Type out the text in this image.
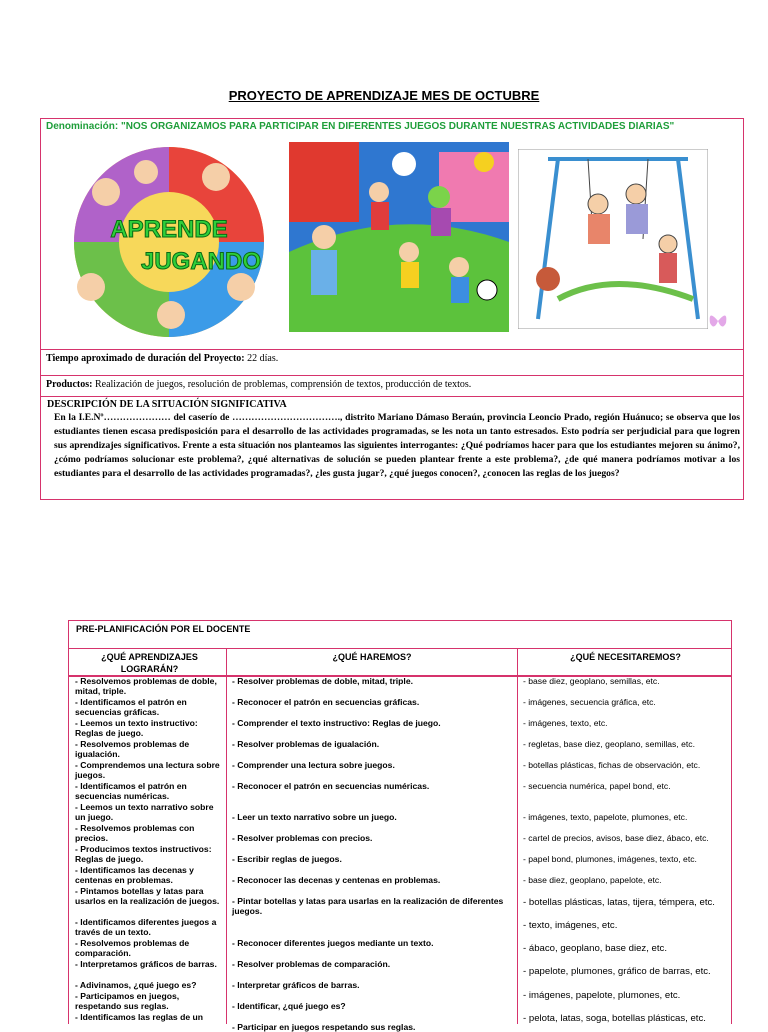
PROYECTO DE APRENDIZAJE MES DE OCTUBRE
Denominación: "NOS ORGANIZAMOS PARA PARTICIPAR EN DIFERENTES JUEGOS DURANTE NUESTRAS ACTIVIDADES DIARIAS"
APRENDE
JUGANDO
Tiempo aproximado de duración del Proyecto: 22 días.
Productos: Realización de juegos, resolución de problemas, comprensión de textos, producción de textos.
DESCRIPCIÓN DE LA SITUACIÓN SIGNIFICATIVA
En la I.E.Nº………………… del caserío de ……………………………., distrito Mariano Dámaso Beraún, provincia Leoncio Prado, región Huánuco; se observa que los estudiantes tienen escasa predisposición para el desarrollo de las actividades programadas, se les nota un tanto estresados. Esto podría ser perjudicial para que logren sus aprendizajes significativos. Frente a esta situación nos planteamos las siguientes interrogantes: ¿Qué podríamos hacer para que los estudiantes mejoren su ánimo?, ¿cómo podríamos solucionar este problema?, ¿qué alternativas de solución se pueden plantear frente a este problema?, ¿de qué manera podríamos motivar a los estudiantes para el desarrollo de las actividades programadas?, ¿les gusta jugar?, ¿qué juegos conocen?, ¿conocen las reglas de los juegos?
PRE-PLANIFICACIÓN POR EL DOCENTE
¿QUÉ APRENDIZAJES LOGRARÁN?
¿QUÉ HAREMOS?	¿QUÉ NECESITAREMOS?
- Resolvemos problemas de doble, mitad, triple.
- Identificamos el patrón en secuencias gráficas.
- Leemos un texto instructivo: Reglas de juego.
- Resolvemos problemas de igualación.
- Comprendemos una lectura sobre juegos.
- Identificamos el patrón en secuencias numéricas.
- Leemos un texto narrativo sobre un juego.
- Resolvemos problemas con precios.
- Producimos textos instructivos: Reglas de juego.
- Identificamos las decenas y centenas en problemas.
- Pintamos botellas y latas para usarlos en la realización de juegos.
- Identificamos diferentes juegos a través de un texto.
- Resolvemos problemas de comparación.
- Interpretamos gráficos de barras.
- Adivinamos, ¿qué juego es?
- Participamos en juegos, respetando sus reglas.
- Identificamos las reglas de un
- Resolver problemas de doble, mitad, triple.
- Reconocer el patrón en secuencias gráficas.
- Comprender el texto instructivo: Reglas de juego.
- Resolver problemas de igualación.
- Comprender una lectura sobre juegos.
- Reconocer el patrón en secuencias numéricas.
- Leer un texto narrativo sobre un juego.
- Resolver problemas con precios.
- Escribir reglas de juegos.
- Reconocer las decenas y centenas en problemas.
- Pintar botellas y latas para usarlas en la realización de diferentes juegos.
- Reconocer diferentes juegos mediante un texto.
- Resolver problemas de comparación.
- Interpretar gráficos de barras.
- Identificar, ¿qué juego es?
- Participar en juegos respetando sus reglas.
- base diez, geoplano, semillas, etc.
- imágenes, secuencia gráfica, etc.
- imágenes, texto, etc.
- regletas, base diez, geoplano, semillas, etc.
- botellas plásticas, fichas de observación, etc.
- secuencia numérica, papel bond, etc.
- imágenes, texto, papelote, plumones, etc.
- cartel de precios, avisos, base diez, ábaco, etc.
- papel bond, plumones, imágenes, texto, etc.
- base diez, geoplano, papelote, etc.
- botellas plásticas, latas, tijera, témpera, etc.
- texto, imágenes, etc.
- ábaco, geoplano, base diez, etc.
- papelote, plumones, gráfico de barras, etc.
- imágenes, papelote, plumones, etc.
- pelota, latas, soga, botellas plásticas, etc.
